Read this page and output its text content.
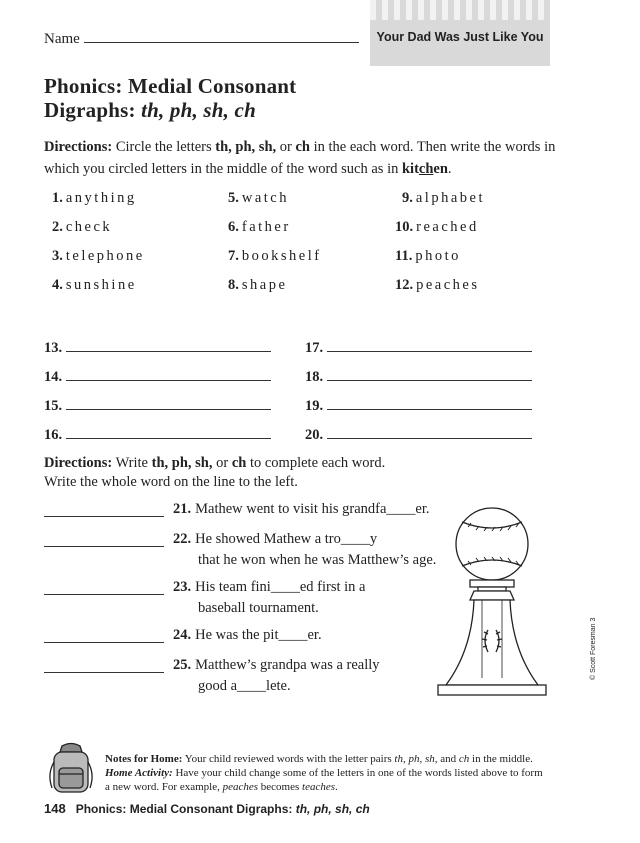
Name	Your Dad Was Just Like You
Phonics: Medial Consonant
Digraphs: th, ph, sh, ch
Directions: Circle the letters th, ph, sh, or ch in the each word. Then write the words in which you circled letters in the middle of the word such as in kitchen.
1. anything
2. check
3. telephone
4. sunshine
5. watch
6. father
7. bookshelf
8. shape
9. alphabet
10. reached
11. photo
12. peaches
13.
14.
15.
16.
17.
18.
19.
20.
Directions: Write th, ph, sh, or ch to complete each word.
Write the whole word on the line to the left.
21. Mathew went to visit his grandfa____er.
22. He showed Mathew a tro____y
that he won when he was Matthew’s age.
23. His team fini____ed first in a
baseball tournament.
24. He was the pit____er.
25. Matthew’s grandpa was a really
good a____lete.
Notes for Home: Your child reviewed words with the letter pairs th, ph, sh, and ch in the middle. Home Activity: Have your child change some of the letters in one of the words listed above to form a new word. For example, peaches becomes teaches.
148 Phonics: Medial Consonant Digraphs: th, ph, sh, ch
© Scott Foresman 3
